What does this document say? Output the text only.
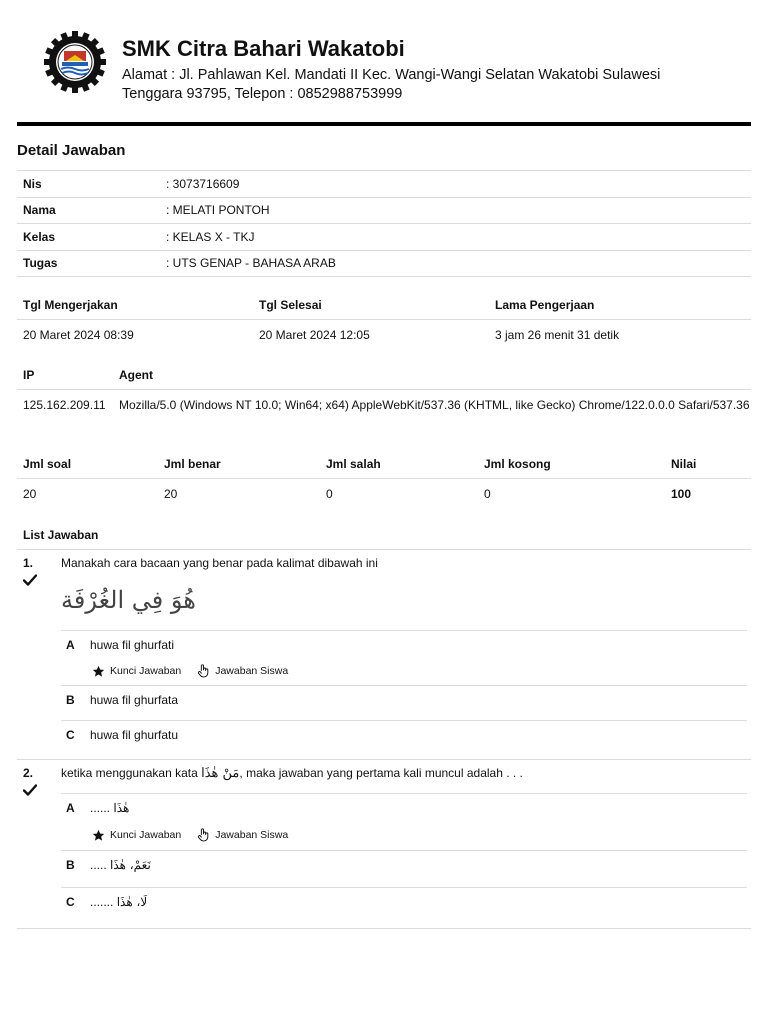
SMK Citra Bahari Wakatobi
Alamat : Jl. Pahlawan Kel. Mandati II Kec. Wangi-Wangi Selatan Wakatobi Sulawesi Tenggara 93795, Telepon : 0852988753999
Detail Jawaban
Nis	: 3073716609
Nama	: MELATI PONTOH
Kelas	: KELAS X - TKJ
Tugas	: UTS GENAP - BAHASA ARAB
Tgl Mengerjakan	Tgl Selesai	Lama Pengerjaan
20 Maret 2024 08:39	20 Maret 2024 12:05	3 jam 26 menit 31 detik
IP	Agent
125.162.209.11	Mozilla/5.0 (Windows NT 10.0; Win64; x64) AppleWebKit/537.36 (KHTML, like Gecko) Chrome/122.0.0.0 Safari/537.36
Jml soal	Jml benar	Jml salah	Jml kosong	Nilai
20	20	0	0	100
List Jawaban
1. Manakah cara bacaan yang benar pada kalimat dibawah ini
هُوَ فِي الغُرْفَة
A huwa fil ghurfati
Kunci Jawaban	Jawaban Siswa
B huwa fil ghurfata
C huwa fil ghurfatu
2. ketika menggunakan kata مَنْ هٰذَا, maka jawaban yang pertama kali muncul adalah . . .
A ...... هٰذَا
Kunci Jawaban	Jawaban Siswa
B ..... نَعَمْ، هٰذَا
C ....... لَا، هٰذَا
